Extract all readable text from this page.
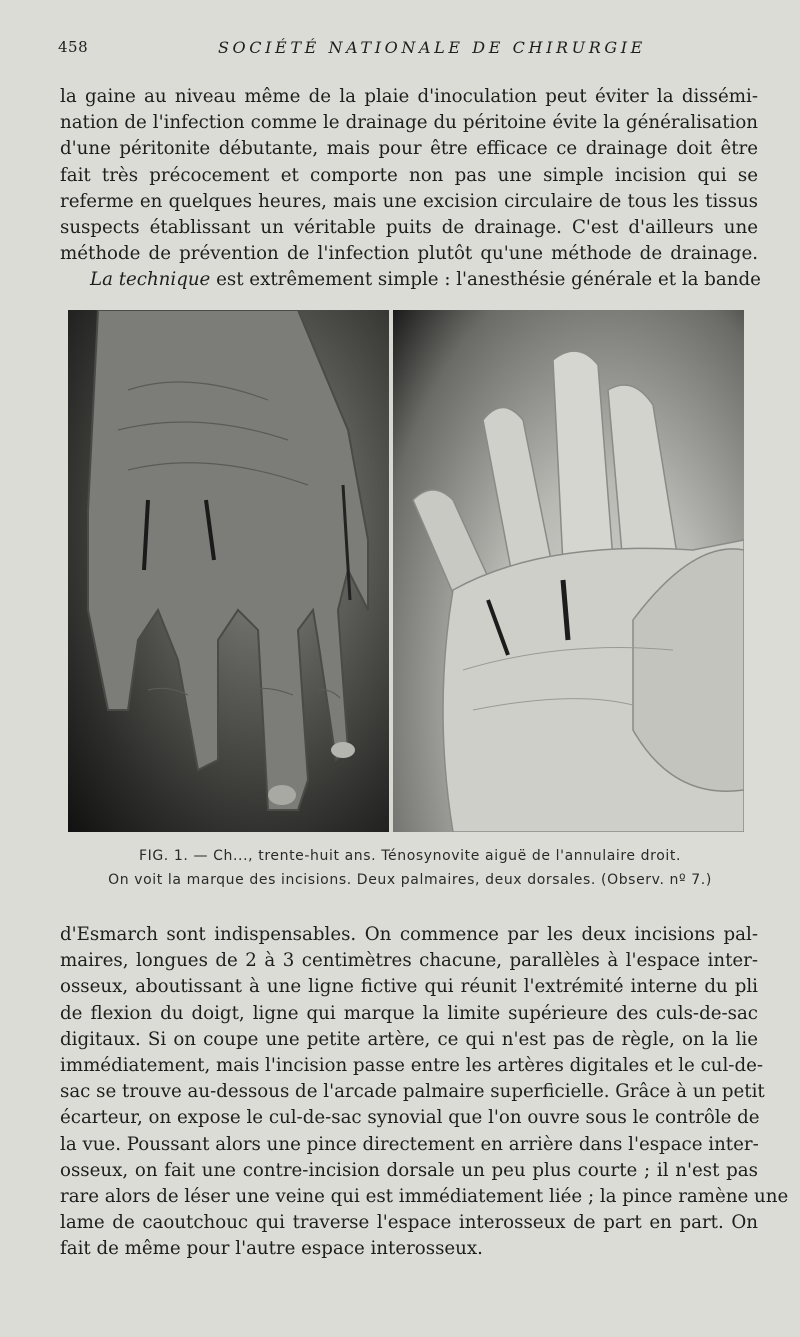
458	SOCIÉTÉ NATIONALE DE CHIRURGIE
la gaine au niveau même de la plaie d'inoculation peut éviter la dissémi-
nation de l'infection comme le drainage du péritoine évite la généralisation
d'une péritonite débutante, mais pour être efficace ce drainage doit être
fait très précocement et comporte non pas une simple incision qui se
referme en quelques heures, mais une excision circulaire de tous les tissus
suspects établissant un véritable puits de drainage. C'est d'ailleurs une
méthode de prévention de l'infection plutôt qu'une méthode de drainage.
La technique est extrêmement simple : l'anesthésie générale et la bande
FIG. 1. — Ch..., trente-huit ans. Ténosynovite aiguë de l'annulaire droit.
On voit la marque des incisions. Deux palmaires, deux dorsales. (Observ. nº 7.)
d'Esmarch sont indispensables. On commence par les deux incisions pal-
maires, longues de 2 à 3 centimètres chacune, parallèles à l'espace inter-
osseux, aboutissant à une ligne fictive qui réunit l'extrémité interne du pli
de flexion du doigt, ligne qui marque la limite supérieure des culs-de-sac
digitaux. Si on coupe une petite artère, ce qui n'est pas de règle, on la lie
immédiatement, mais l'incision passe entre les artères digitales et le cul-de-
sac se trouve au-dessous de l'arcade palmaire superficielle. Grâce à un petit
écarteur, on expose le cul-de-sac synovial que l'on ouvre sous le contrôle de
la vue. Poussant alors une pince directement en arrière dans l'espace inter-
osseux, on fait une contre-incision dorsale un peu plus courte ; il n'est pas
rare alors de léser une veine qui est immédiatement liée ; la pince ramène une
lame de caoutchouc qui traverse l'espace interosseux de part en part. On
fait de même pour l'autre espace interosseux.
